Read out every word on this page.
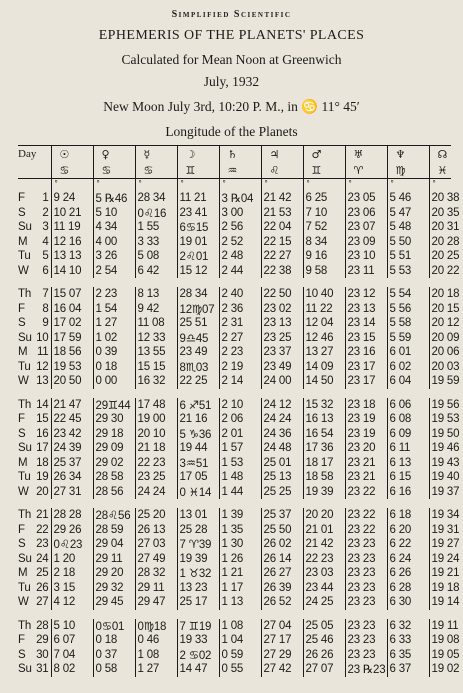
Simplified Scientific
EPHEMERIS OF THE PLANETS' PLACES
Calculated for Mean Noon at Greenwich
July, 1932
New Moon July 3rd, 10:20 P. M., in ♋ 11° 45′
Longitude of the Planets
Day		☉	♀	☿	☽	♄	♃	♂	♅	♆	☊
		♋	♋	♋	♊	♒	♌	♊	♈	♍	♓
		°	°	°	°	°	°	°	°	°	°
F	1	9 24	5 ℞46	28 34	11 21	3 ℞04	21 42	6 25	23 05	5 46	20 38
S	2	10 21	5 10	0♌16	23 41	3 00	21 53	7 10	23 06	5 47	20 35
Su	3	11 19	4 34	1 55	6♋15	2 56	22 04	7 52	23 07	5 48	20 31
M	4	12 16	4 00	3 33	19 01	2 52	22 15	8 34	23 09	5 50	20 28
Tu	5	13 13	3 26	5 08	2♌01	2 48	22 27	9 16	23 10	5 51	20 25
W	6	14 10	2 54	6 42	15 12	2 44	22 38	9 58	23 11	5 53	20 22

Th	7	15 07	2 23	8 13	28 34	2 40	22 50	10 40	23 12	5 54	20 18
F	8	16 04	1 54	9 42	12♍07	2 36	23 02	11 22	23 13	5 56	20 15
S	9	17 02	1 27	11 08	25 51	2 31	23 13	12 04	23 14	5 58	20 12
Su	10	17 59	1 02	12 33	9♎45	2 27	23 25	12 46	23 15	5 59	20 09
M	11	18 56	0 39	13 55	23 49	2 23	23 37	13 27	23 16	6 01	20 06
Tu	12	19 53	0 18	15 15	8♏03	2 19	23 49	14 09	23 17	6 02	20 03
W	13	20 50	0 00	16 32	22 25	2 14	24 00	14 50	23 17	6 04	19 59

Th	14	21 47	29♊44	17 48	6 ♐51	2 10	24 12	15 32	23 18	6 06	19 56
F	15	22 45	29 30	19 00	21 16	2 06	24 24	16 13	23 19	6 08	19 53
S	16	23 42	29 18	20 10	5 ♑36	2 01	24 36	16 54	23 19	6 09	19 50
Su	17	24 39	29 09	21 18	19 44	1 57	24 48	17 36	23 20	6 11	19 46
M	18	25 37	29 02	22 23	3♒51	1 53	25 01	18 17	23 21	6 13	19 43
Tu	19	26 34	28 58	23 25	17 05	1 48	25 13	18 58	23 21	6 15	19 40
W	20	27 31	28 56	24 24	0 ♓14	1 44	25 25	19 39	23 22	6 16	19 37

Th	21	28 28	28♌56	25 20	13 01	1 39	25 37	20 20	23 22	6 18	19 34
F	22	29 26	28 59	26 13	25 28	1 35	25 50	21 01	23 22	6 20	19 31
S	23	0♌23	29 04	27 03	7 ♈39	1 30	26 02	21 42	23 23	6 22	19 27
Su	24	1 20	29 11	27 49	19 39	1 26	26 14	22 23	23 23	6 24	19 24
M	25	2 18	29 20	28 32	1 ♉32	1 21	26 27	23 03	23 23	6 26	19 21
Tu	26	3 15	29 32	29 11	13 23	1 17	26 39	23 44	23 23	6 28	19 18
W	27	4 12	29 45	29 47	25 17	1 13	26 52	24 25	23 23	6 30	19 14

Th	28	5 10	0♋01	0♍18	7 ♊19	1 08	27 04	25 05	23 23	6 32	19 11
F	29	6 07	0 18	0 46	19 33	1 04	27 17	25 46	23 23	6 33	19 08
S	30	7 04	0 37	1 08	2 ♋02	0 59	27 29	26 26	23 23	6 35	19 05
Su	31	8 02	0 58	1 27	14 47	0 55	27 42	27 07	23 ℞23	6 37	19 02
